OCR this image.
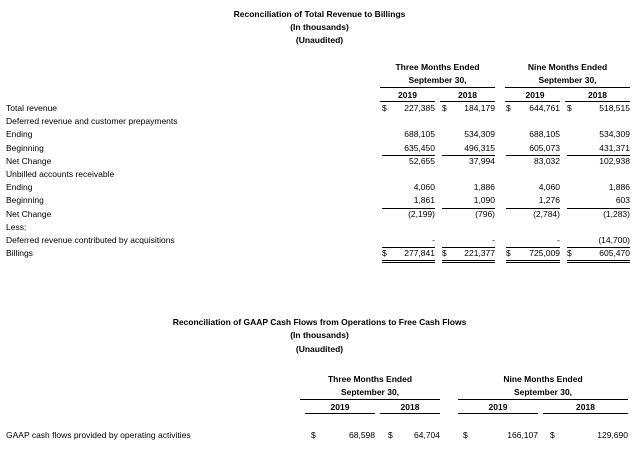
Reconciliation of Total Revenue to Billings
(In thousands)
(Unaudited)
Three Months Ended
September 30,
Nine Months Ended
September 30,
2019	2018	2019	2018
Total revenue	$	227,385 $	184,179 $	644,761 $	518,515
Deferred revenue and customer prepayments
Ending	688,105	534,309	688,105	534,309
Beginning	635,450	496,315	605,073	431,371
Net Change	52,655	37,994	83,032	102,938
Unbilled accounts receivable
Ending	4,060	1,886	4,060	1,886
Beginning	1,861	1,090	1,276	603
Net Change	(2,199)	(796)	(2,784)	(1,283)
Less:
Deferred revenue contributed by acquisitions	-	-	-	(14,700)
Billings	$	277,841 $	221,377 $	725,009 $	605,470
Reconciliation of GAAP Cash Flows from Operations to Free Cash Flows
(In thousands)
(Unaudited)
Three Months Ended
September 30,
Nine Months Ended
September 30,
2019	2018	2019	2018
GAAP cash flows provided by operating activities	$	68,598 $	64,704	$	166,107 $	129,690
